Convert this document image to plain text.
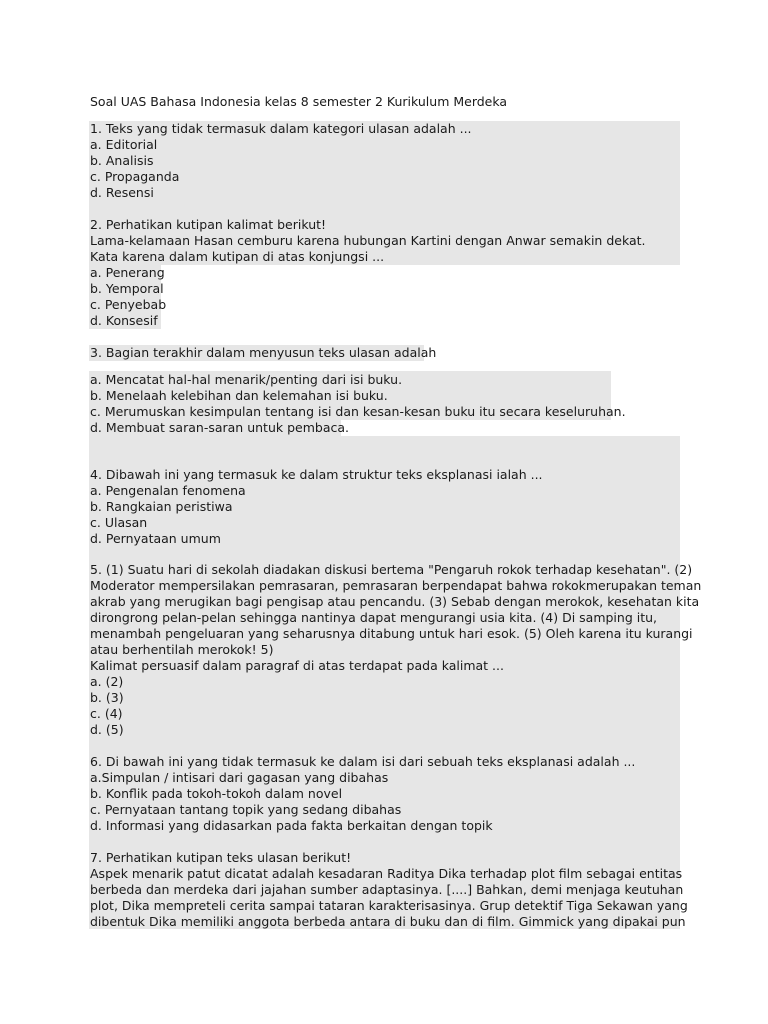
Soal UAS Bahasa Indonesia kelas 8 semester 2 Kurikulum Merdeka
1. Teks yang tidak termasuk dalam kategori ulasan adalah ...
a. Editorial
b. Analisis
c. Propaganda
d. Resensi
2. Perhatikan kutipan kalimat berikut!
Lama-kelamaan Hasan cemburu karena hubungan Kartini dengan Anwar semakin dekat.
Kata karena dalam kutipan di atas konjungsi ...
a. Penerang
b. Yemporal
c. Penyebab
d. Konsesif
3. Bagian terakhir dalam menyusun teks ulasan adalah
a. Mencatat hal-hal menarik/penting dari isi buku.
b. Menelaah kelebihan dan kelemahan isi buku.
c. Merumuskan kesimpulan tentang isi dan kesan-kesan buku itu secara keseluruhan.
d. Membuat saran-saran untuk pembaca.
4. Dibawah ini yang termasuk ke dalam struktur teks eksplanasi ialah ...
a. Pengenalan fenomena
b. Rangkaian peristiwa
c. Ulasan
d. Pernyataan umum
5. (1) Suatu hari di sekolah diadakan diskusi bertema "Pengaruh rokok terhadap kesehatan". (2)
Moderator mempersilakan pemrasaran, pemrasaran berpendapat bahwa rokokmerupakan teman
akrab yang merugikan bagi pengisap atau pencandu. (3) Sebab dengan merokok, kesehatan kita
dirongrong pelan-pelan sehingga nantinya dapat mengurangi usia kita. (4) Di samping itu,
menambah pengeluaran yang seharusnya ditabung untuk hari esok. (5) Oleh karena itu kurangi
atau berhentilah merokok! 5)
Kalimat persuasif dalam paragraf di atas terdapat pada kalimat ...
a. (2)
b. (3)
c. (4)
d. (5)
6. Di bawah ini yang tidak termasuk ke dalam isi dari sebuah teks eksplanasi adalah ...
a.Simpulan / intisari dari gagasan yang dibahas
b. Konflik pada tokoh-tokoh dalam novel
c. Pernyataan tantang topik yang sedang dibahas
d. Informasi yang didasarkan pada fakta berkaitan dengan topik
7. Perhatikan kutipan teks ulasan berikut!
Aspek menarik patut dicatat adalah kesadaran Raditya Dika terhadap plot film sebagai entitas
berbeda dan merdeka dari jajahan sumber adaptasinya. [....] Bahkan, demi menjaga keutuhan
plot, Dika mempreteli cerita sampai tataran karakterisasinya. Grup detektif Tiga Sekawan yang
dibentuk Dika memiliki anggota berbeda antara di buku dan di film. Gimmick yang dipakai pun
